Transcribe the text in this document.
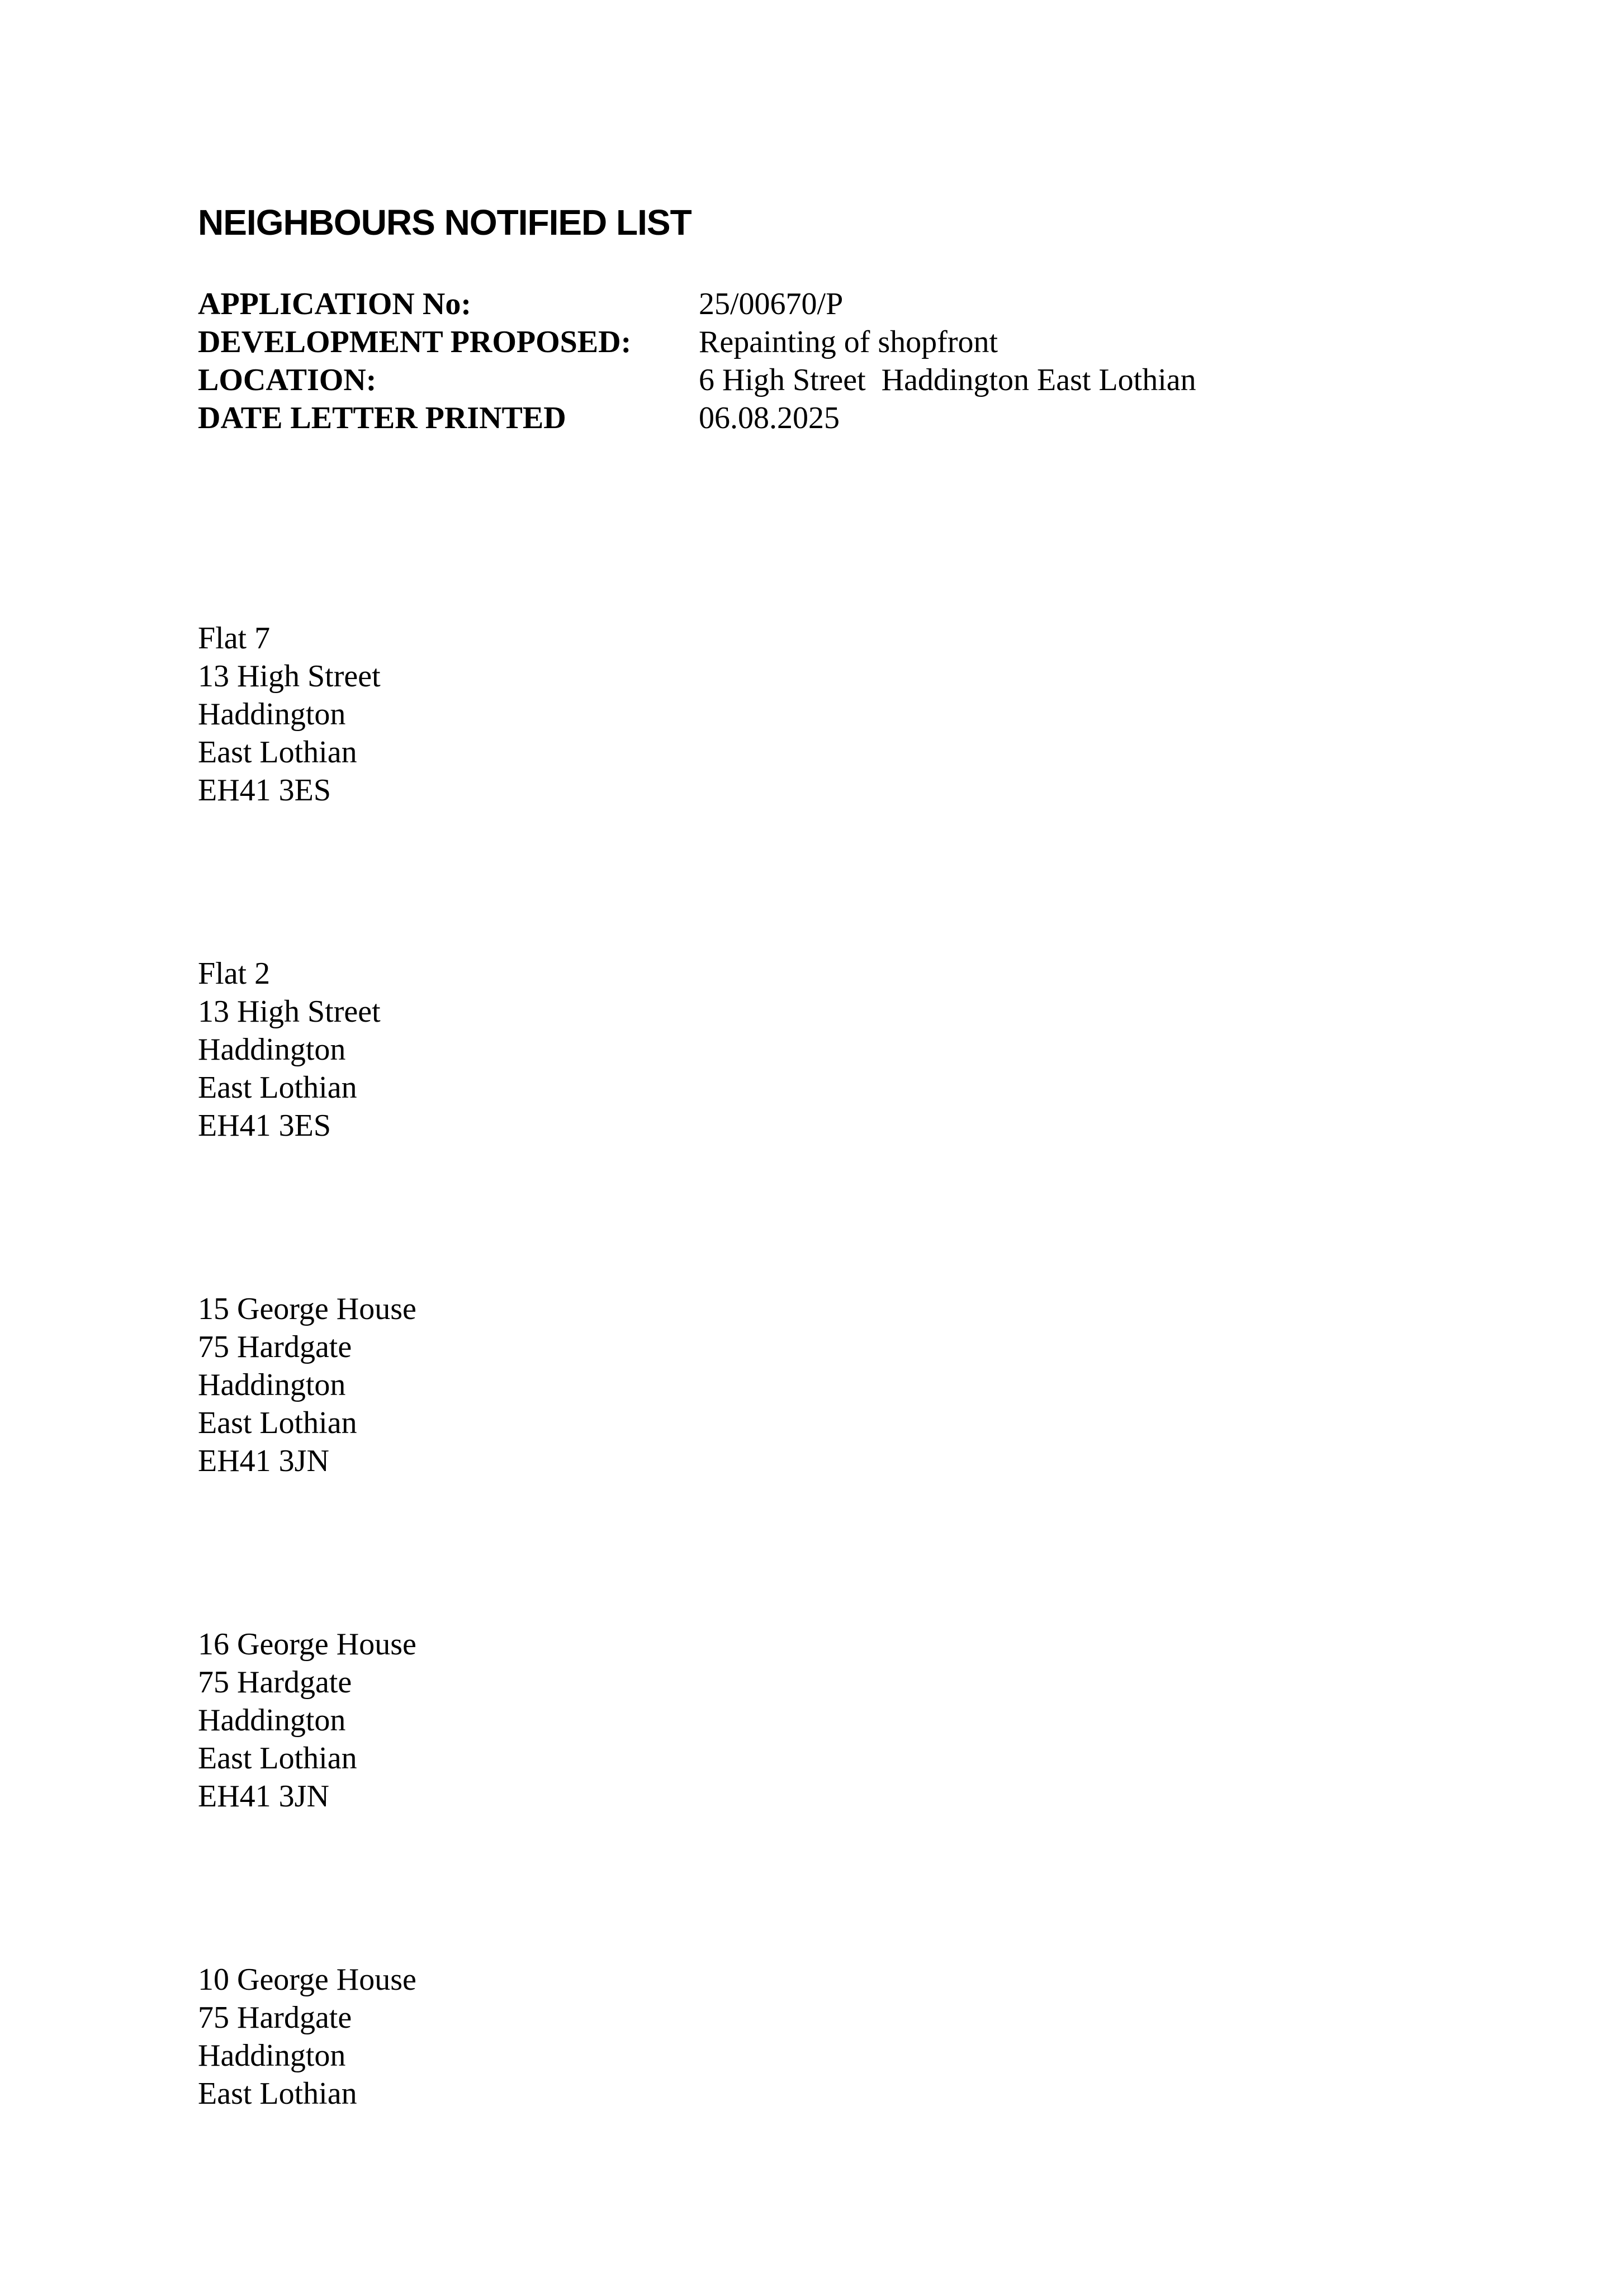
NEIGHBOURS NOTIFIED LIST
APPLICATION No:	25/00670/P
DEVELOPMENT PROPOSED:	Repainting of shopfront
LOCATION:	6 High Street  Haddington East Lothian
DATE LETTER PRINTED	06.08.2025
Flat 7
13 High Street
Haddington
East Lothian
EH41 3ES
Flat 2
13 High Street
Haddington
East Lothian
EH41 3ES
15 George House
75 Hardgate
Haddington
East Lothian
EH41 3JN
16 George House
75 Hardgate
Haddington
East Lothian
EH41 3JN
10 George House
75 Hardgate
Haddington
East Lothian
